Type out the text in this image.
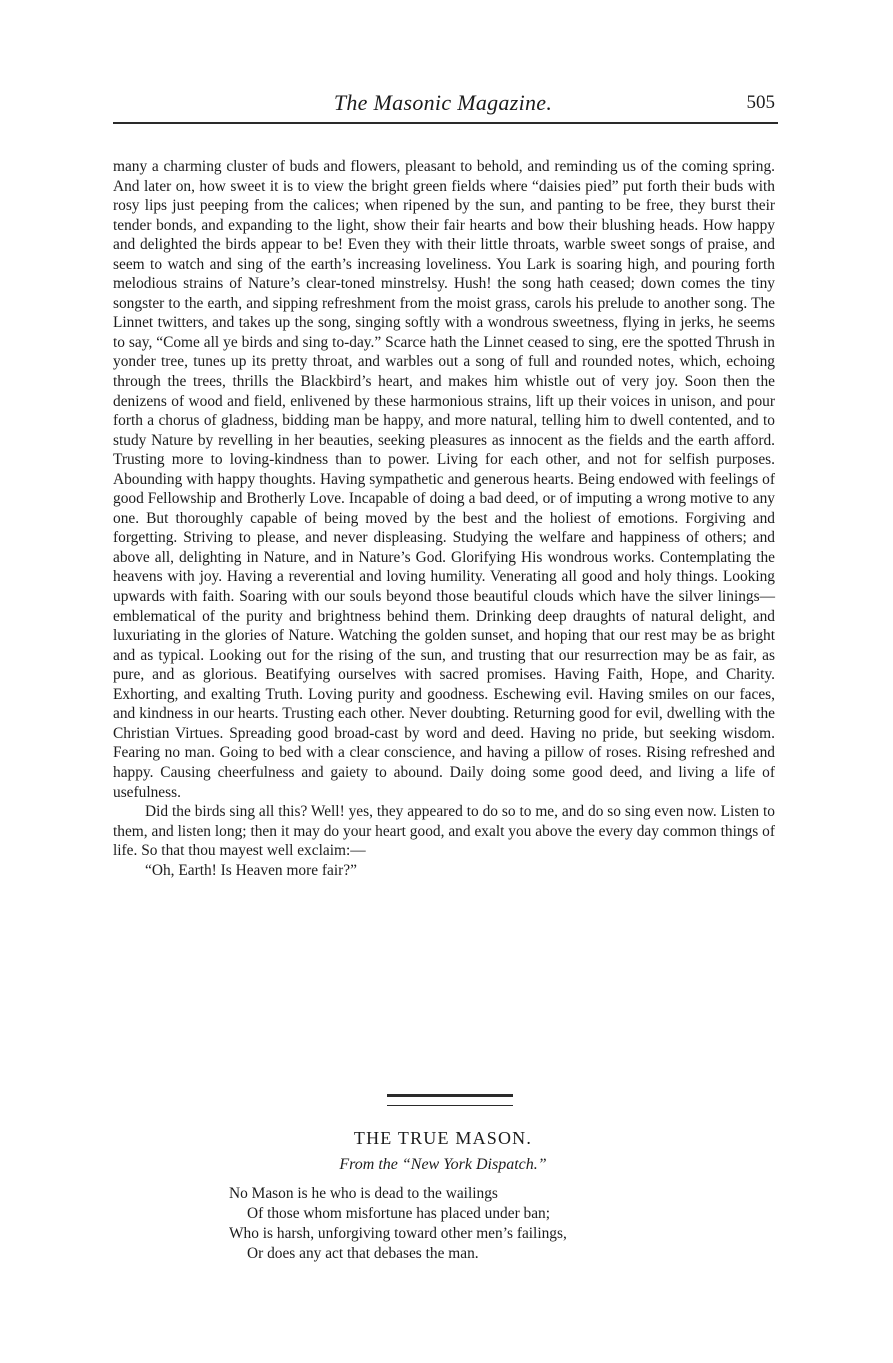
The Masonic Magazine.	505

many a charming cluster of buds and flowers, pleasant to behold, and reminding us of the coming spring. And later on, how sweet it is to view the bright green fields where “daisies pied” put forth their buds with rosy lips just peeping from the calices; when ripened by the sun, and panting to be free, they burst their tender bonds, and expanding to the light, show their fair hearts and bow their blushing heads. How happy and delighted the birds appear to be! Even they with their little throats, warble sweet songs of praise, and seem to watch and sing of the earth’s increasing loveliness. You Lark is soaring high, and pouring forth melodious strains of Nature’s clear-toned minstrelsy. Hush! the song hath ceased; down comes the tiny songster to the earth, and sipping refreshment from the moist grass, carols his prelude to another song. The Linnet twitters, and takes up the song, singing softly with a wondrous sweetness, flying in jerks, he seems to say, “Come all ye birds and sing to-day.” Scarce hath the Linnet ceased to sing, ere the spotted Thrush in yonder tree, tunes up its pretty throat, and warbles out a song of full and rounded notes, which, echoing through the trees, thrills the Blackbird’s heart, and makes him whistle out of very joy. Soon then the denizens of wood and field, enlivened by these harmonious strains, lift up their voices in unison, and pour forth a chorus of gladness, bidding man be happy, and more natural, telling him to dwell contented, and to study Nature by revelling in her beauties, seeking pleasures as innocent as the fields and the earth afford. Trusting more to loving-kindness than to power. Living for each other, and not for selfish purposes. Abounding with happy thoughts. Having sympathetic and generous hearts. Being endowed with feelings of good Fellowship and Brotherly Love. Incapable of doing a bad deed, or of imputing a wrong motive to any one. But thoroughly capable of being moved by the best and the holiest of emotions. Forgiving and forgetting. Striving to please, and never displeasing. Studying the welfare and happiness of others; and above all, delighting in Nature, and in Nature’s God. Glorifying His wondrous works. Contemplating the heavens with joy. Having a reverential and loving humility. Venerating all good and holy things. Looking upwards with faith. Soaring with our souls beyond those beautiful clouds which have the silver linings—emblematical of the purity and brightness behind them. Drinking deep draughts of natural delight, and luxuriating in the glories of Nature. Watching the golden sunset, and hoping that our rest may be as bright and as typical. Looking out for the rising of the sun, and trusting that our resurrection may be as fair, as pure, and as glorious. Beatifying ourselves with sacred promises. Having Faith, Hope, and Charity. Exhorting, and exalting Truth. Loving purity and goodness. Eschewing evil. Having smiles on our faces, and kindness in our hearts. Trusting each other. Never doubting. Returning good for evil, dwelling with the Christian Virtues. Spreading good broad-cast by word and deed. Having no pride, but seeking wisdom. Fearing no man. Going to bed with a clear conscience, and having a pillow of roses. Rising refreshed and happy. Causing cheerfulness and gaiety to abound. Daily doing some good deed, and living a life of usefulness.

Did the birds sing all this? Well! yes, they appeared to do so to me, and do so sing even now. Listen to them, and listen long; then it may do your heart good, and exalt you above the every day common things of life. So that thou mayest well exclaim:—

“Oh, Earth! Is Heaven more fair?”

THE TRUE MASON.
From the “New York Dispatch.”
No Mason is he who is dead to the wailings
Of those whom misfortune has placed under ban;
Who is harsh, unforgiving toward other men’s failings,
Or does any act that debases the man.
